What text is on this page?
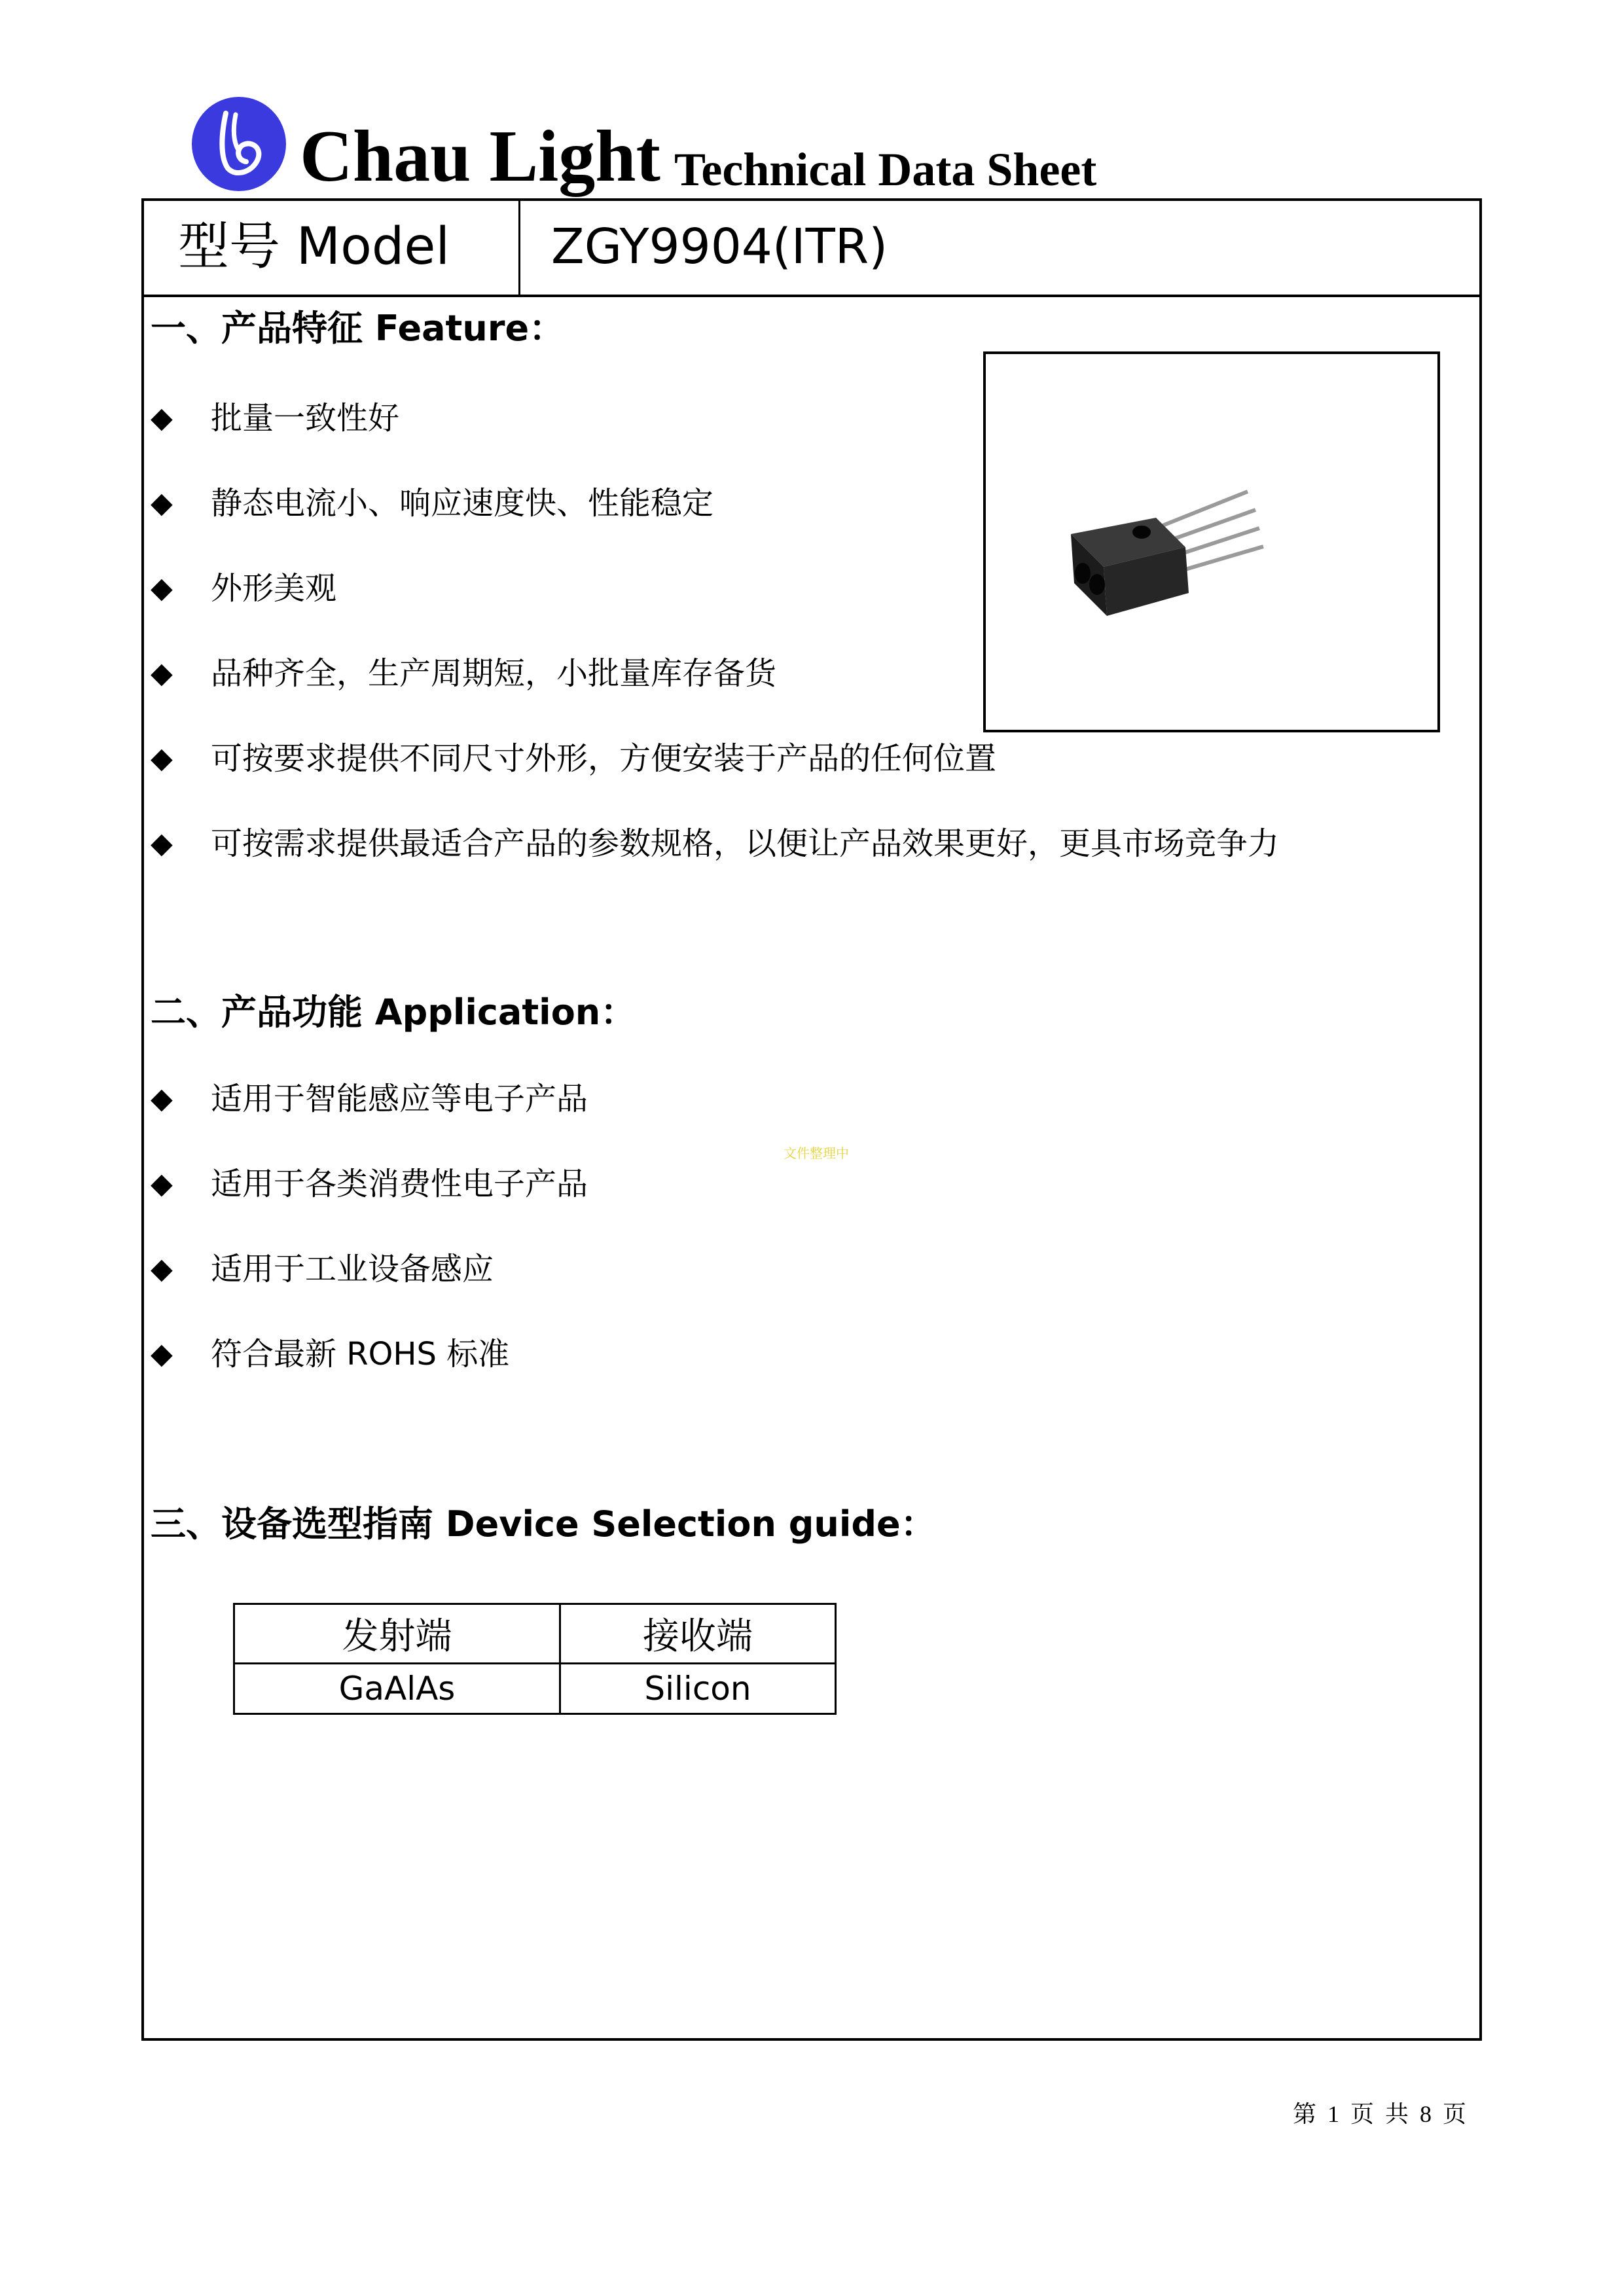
Chau Light Technical Data Sheet
型号 Model ZGY9904(ITR)
一、产品特征 Feature：
◆ 批量一致性好
◆ 静态电流小、响应速度快、性能稳定
◆ 外形美观
◆ 品种齐全，生产周期短，小批量库存备货
◆ 可按要求提供不同尺寸外形，方便安装于产品的任何位置
◆ 可按需求提供最适合产品的参数规格，以便让产品效果更好，更具市场竞争力
二、产品功能 Application：
◆ 适用于智能感应等电子产品
◆ 适用于各类消费性电子产品
◆ 适用于工业设备感应
◆ 符合最新 ROHS 标准
三、设备选型指南 Device Selection guide：
发射端	接收端
GaAlAs	Silicon
文件整理中
第 1 页 共 8 页
